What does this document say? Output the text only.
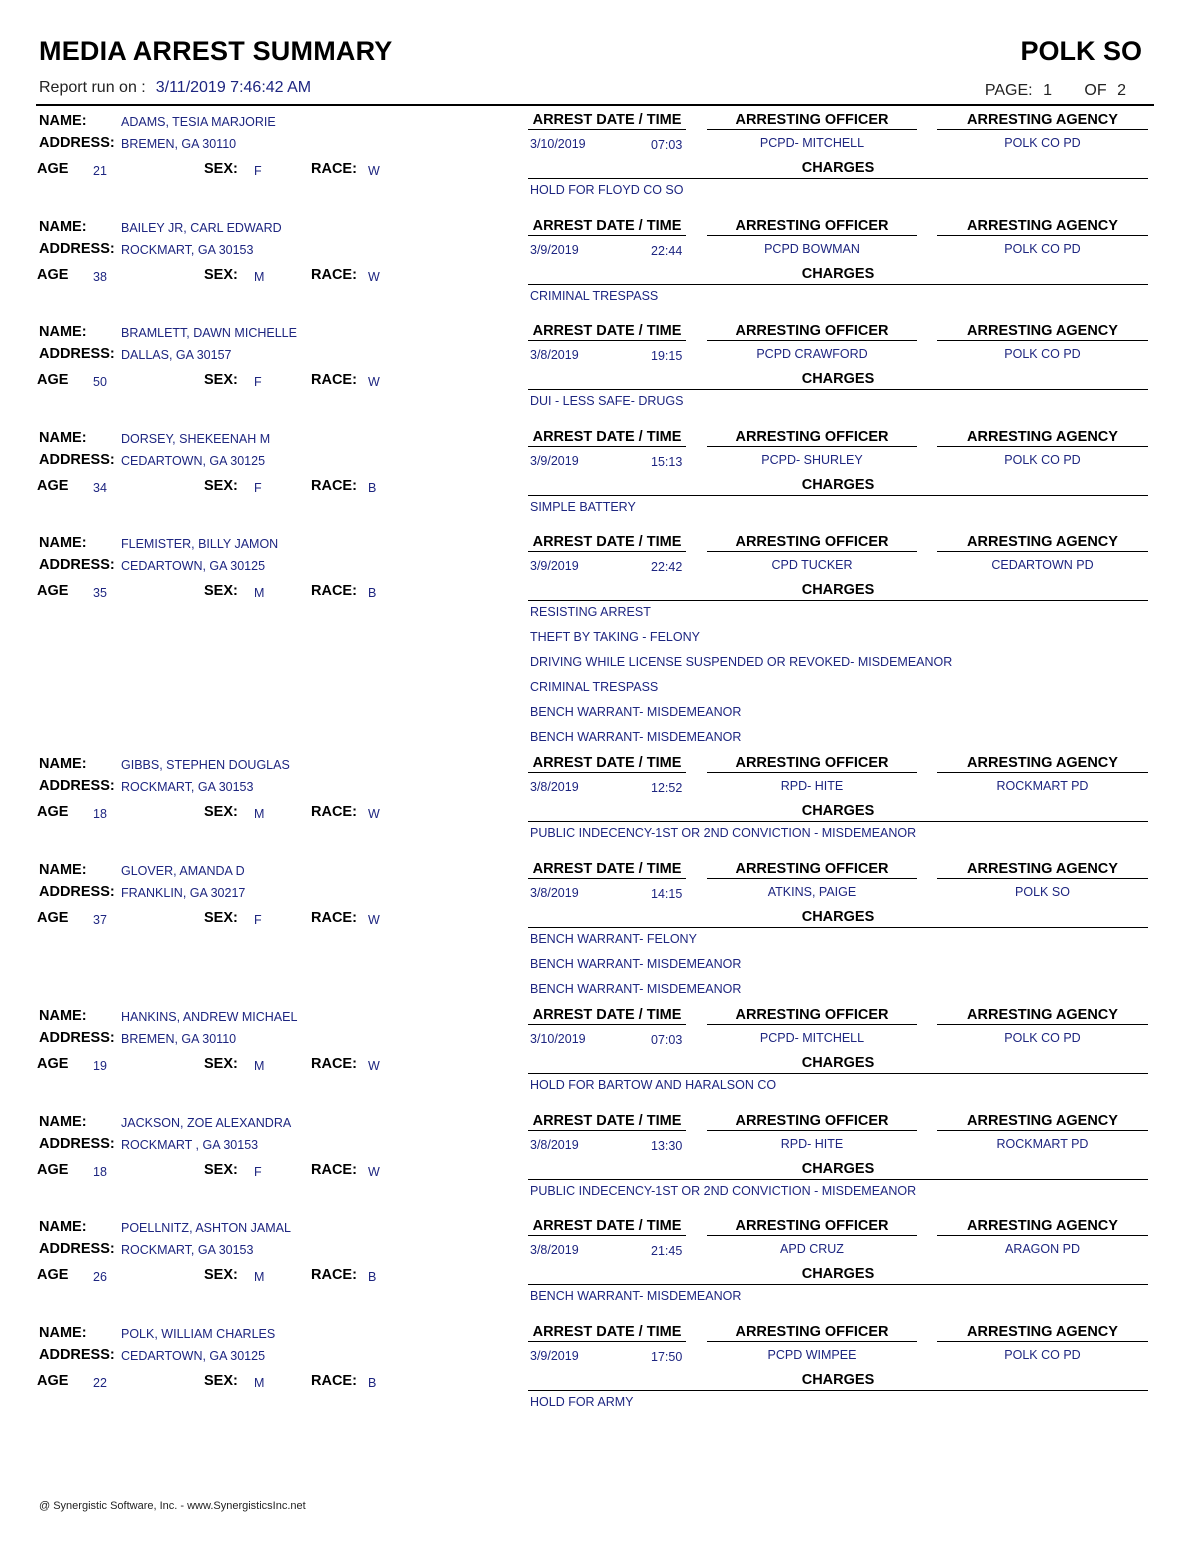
MEDIA ARREST SUMMARY	POLK SO
Report run on : 3/11/2019 7:46:42 AM	PAGE: 1 OF 2
NAME:	ADAMS, TESIA MARJORIE
ADDRESS: BREMEN, GA 30110
AGE 21	SEX: F	RACE: W
ARREST DATE / TIME	ARRESTING OFFICER	ARRESTING AGENCY
3/10/2019	07:03	PCPD- MITCHELL	POLK CO PD
CHARGES
HOLD FOR FLOYD CO SO
NAME:	BAILEY JR, CARL EDWARD
ADDRESS: ROCKMART, GA 30153
AGE 38	SEX: M	RACE: W
ARREST DATE / TIME	ARRESTING OFFICER	ARRESTING AGENCY
3/9/2019	22:44	PCPD BOWMAN	POLK CO PD
CHARGES
CRIMINAL TRESPASS
NAME:	BRAMLETT, DAWN MICHELLE
ADDRESS: DALLAS, GA 30157
AGE 50	SEX: F	RACE: W
ARREST DATE / TIME	ARRESTING OFFICER	ARRESTING AGENCY
3/8/2019	19:15	PCPD CRAWFORD	POLK CO PD
CHARGES
DUI - LESS SAFE- DRUGS
NAME:	DORSEY, SHEKEENAH M
ADDRESS: CEDARTOWN, GA 30125
AGE 34	SEX: F	RACE: B
ARREST DATE / TIME	ARRESTING OFFICER	ARRESTING AGENCY
3/9/2019	15:13	PCPD- SHURLEY	POLK CO PD
CHARGES
SIMPLE BATTERY
NAME:	FLEMISTER, BILLY JAMON
ADDRESS: CEDARTOWN, GA 30125
AGE 35	SEX: M	RACE: B
ARREST DATE / TIME	ARRESTING OFFICER	ARRESTING AGENCY
3/9/2019	22:42	CPD TUCKER	CEDARTOWN PD
CHARGES
RESISTING ARREST
THEFT BY TAKING - FELONY
DRIVING WHILE LICENSE SUSPENDED OR REVOKED- MISDEMEANOR
CRIMINAL TRESPASS
BENCH WARRANT- MISDEMEANOR
BENCH WARRANT- MISDEMEANOR
NAME:	GIBBS, STEPHEN DOUGLAS
ADDRESS: ROCKMART, GA 30153
AGE 18	SEX: M	RACE: W
ARREST DATE / TIME	ARRESTING OFFICER	ARRESTING AGENCY
3/8/2019	12:52	RPD- HITE	ROCKMART PD
CHARGES
PUBLIC INDECENCY-1ST OR 2ND CONVICTION - MISDEMEANOR
NAME:	GLOVER, AMANDA D
ADDRESS: FRANKLIN, GA 30217
AGE 37	SEX: F	RACE: W
ARREST DATE / TIME	ARRESTING OFFICER	ARRESTING AGENCY
3/8/2019	14:15	ATKINS, PAIGE	POLK SO
CHARGES
BENCH WARRANT- FELONY
BENCH WARRANT- MISDEMEANOR
BENCH WARRANT- MISDEMEANOR
NAME:	HANKINS, ANDREW MICHAEL
ADDRESS: BREMEN, GA 30110
AGE 19	SEX: M	RACE: W
ARREST DATE / TIME	ARRESTING OFFICER	ARRESTING AGENCY
3/10/2019	07:03	PCPD- MITCHELL	POLK CO PD
CHARGES
HOLD FOR BARTOW AND HARALSON CO
NAME:	JACKSON, ZOE ALEXANDRA
ADDRESS: ROCKMART , GA 30153
AGE 18	SEX: F	RACE: W
ARREST DATE / TIME	ARRESTING OFFICER	ARRESTING AGENCY
3/8/2019	13:30	RPD- HITE	ROCKMART PD
CHARGES
PUBLIC INDECENCY-1ST OR 2ND CONVICTION - MISDEMEANOR
NAME:	POELLNITZ, ASHTON JAMAL
ADDRESS: ROCKMART, GA 30153
AGE 26	SEX: M	RACE: B
ARREST DATE / TIME	ARRESTING OFFICER	ARRESTING AGENCY
3/8/2019	21:45	APD CRUZ	ARAGON PD
CHARGES
BENCH WARRANT- MISDEMEANOR
NAME:	POLK, WILLIAM CHARLES
ADDRESS: CEDARTOWN, GA 30125
AGE 22	SEX: M	RACE: B
ARREST DATE / TIME	ARRESTING OFFICER	ARRESTING AGENCY
3/9/2019	17:50	PCPD WIMPEE	POLK CO PD
CHARGES
HOLD FOR ARMY
@ Synergistic Software, Inc. - www.SynergisticsInc.net
